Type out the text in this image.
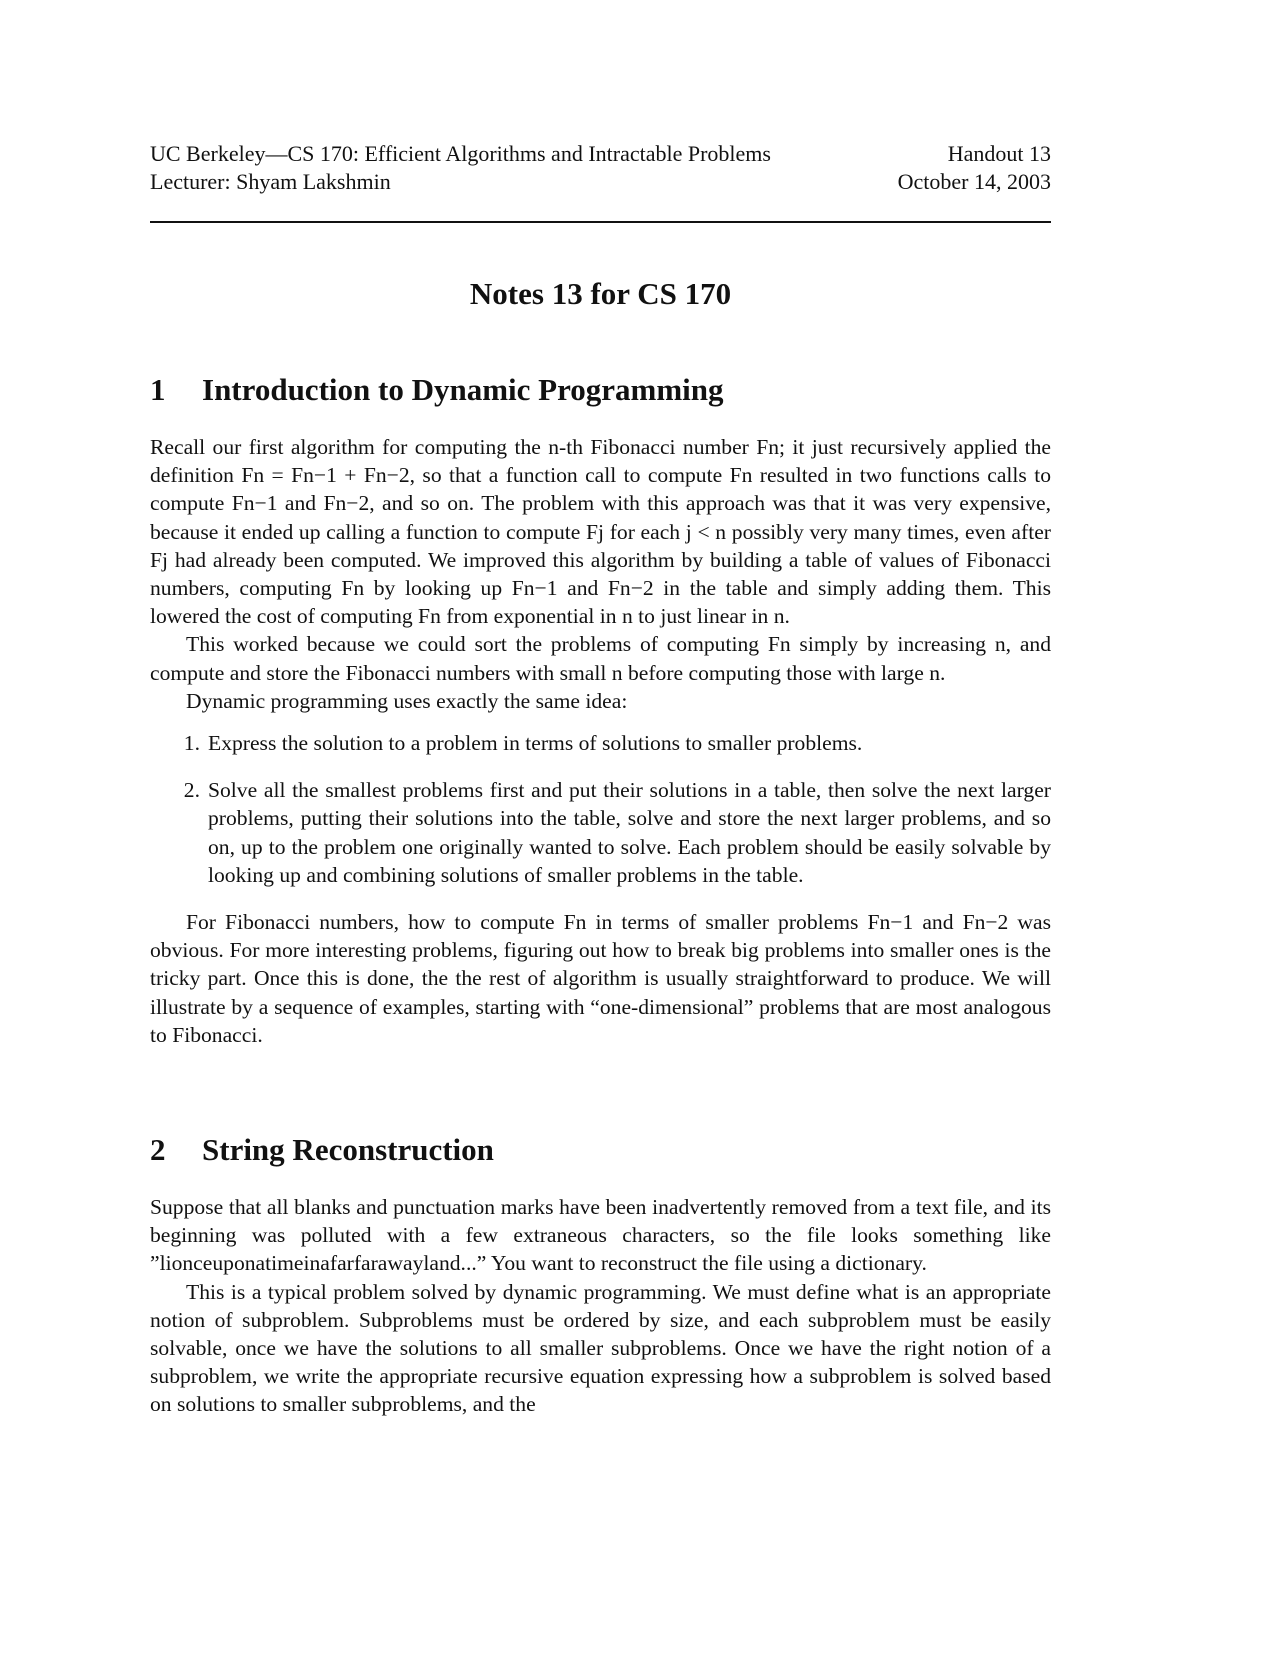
UC Berkeley—CS 170: Efficient Algorithms and Intractable Problems	Handout 13
Lecturer: Shyam Lakshmin	October 14, 2003
Notes 13 for CS 170
1	Introduction to Dynamic Programming

Recall our first algorithm for computing the n-th Fibonacci number Fn; it just recursively applied the definition Fn = Fn−1 + Fn−2, so that a function call to compute Fn resulted in two functions calls to compute Fn−1 and Fn−2, and so on. The problem with this approach was that it was very expensive, because it ended up calling a function to compute Fj for each j < n possibly very many times, even after Fj had already been computed. We improved this algorithm by building a table of values of Fibonacci numbers, computing Fn by looking up Fn−1 and Fn−2 in the table and simply adding them. This lowered the cost of computing Fn from exponential in n to just linear in n.

This worked because we could sort the problems of computing Fn simply by increasing n, and compute and store the Fibonacci numbers with small n before computing those with large n.

Dynamic programming uses exactly the same idea:

1. Express the solution to a problem in terms of solutions to smaller problems.
2. Solve all the smallest problems first and put their solutions in a table, then solve the next larger problems, putting their solutions into the table, solve and store the next larger problems, and so on, up to the problem one originally wanted to solve. Each problem should be easily solvable by looking up and combining solutions of smaller problems in the table.

For Fibonacci numbers, how to compute Fn in terms of smaller problems Fn−1 and Fn−2 was obvious. For more interesting problems, figuring out how to break big problems into smaller ones is the tricky part. Once this is done, the the rest of algorithm is usually straightforward to produce. We will illustrate by a sequence of examples, starting with “one-dimensional” problems that are most analogous to Fibonacci.

2	String Reconstruction

Suppose that all blanks and punctuation marks have been inadvertently removed from a text file, and its beginning was polluted with a few extraneous characters, so the file looks something like ”lionceuponatimeinafarfarawayland...” You want to reconstruct the file using a dictionary.

This is a typical problem solved by dynamic programming. We must define what is an appropriate notion of subproblem. Subproblems must be ordered by size, and each subproblem must be easily solvable, once we have the solutions to all smaller subproblems. Once we have the right notion of a subproblem, we write the appropriate recursive equation expressing how a subproblem is solved based on solutions to smaller subproblems, and the
